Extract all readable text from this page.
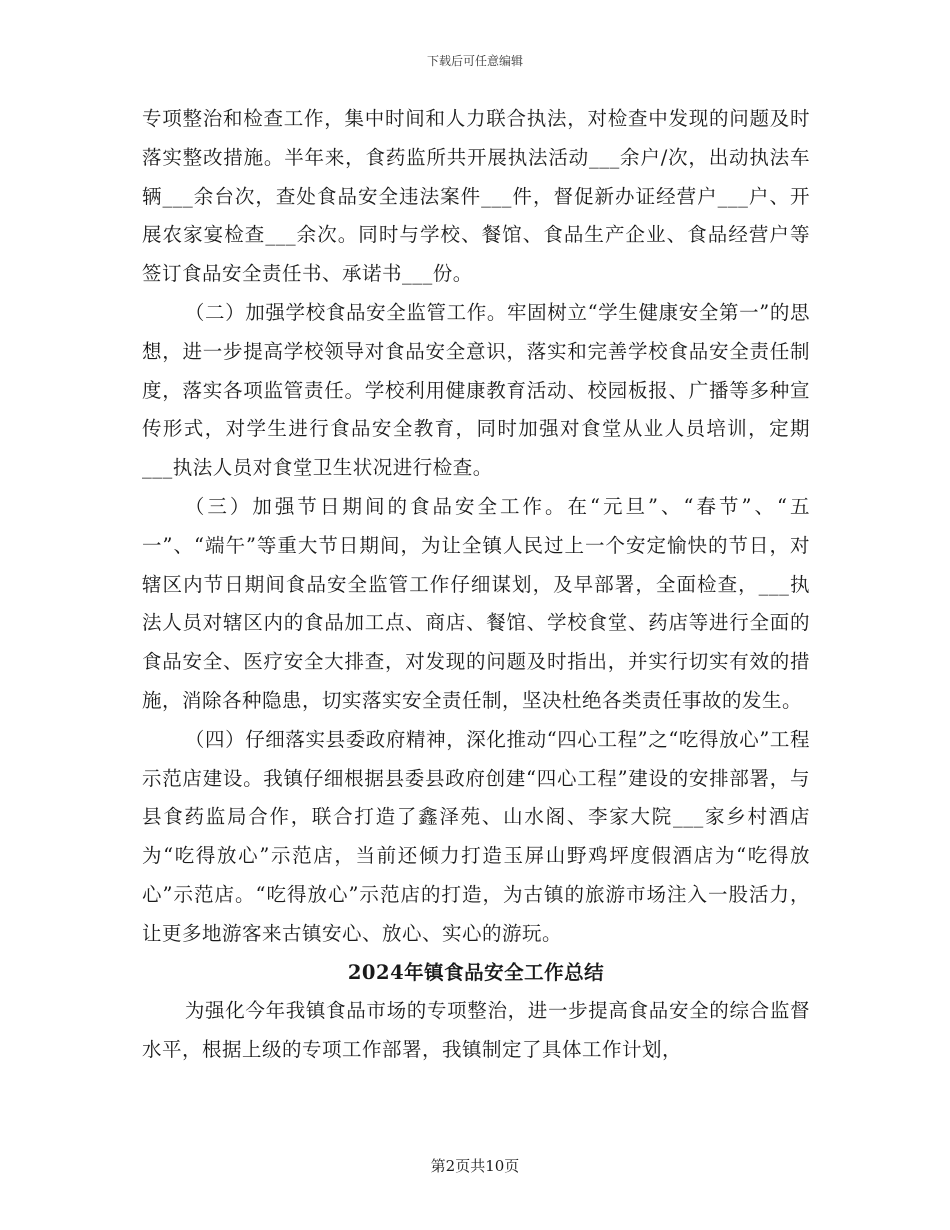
下载后可任意编辑

专项整治和检查工作，集中时间和人力联合执法，对检查中发现的问题及时落实整改措施。半年来，食药监所共开展执法活动___余户/次，出动执法车辆___余台次，查处食品安全违法案件___件，督促新办证经营户___户、开展农家宴检查___余次。同时与学校、餐馆、食品生产企业、食品经营户等签订食品安全责任书、承诺书___份。

（二）加强学校食品安全监管工作。牢固树立“学生健康安全第一”的思想，进一步提高学校领导对食品安全意识，落实和完善学校食品安全责任制度，落实各项监管责任。学校利用健康教育活动、校园板报、广播等多种宣传形式，对学生进行食品安全教育，同时加强对食堂从业人员培训，定期___执法人员对食堂卫生状况进行检查。

（三）加强节日期间的食品安全工作。在“元旦”、“春节”、“五一”、“端午”等重大节日期间，为让全镇人民过上一个安定愉快的节日，对辖区内节日期间食品安全监管工作仔细谋划，及早部署，全面检查，___执法人员对辖区内的食品加工点、商店、餐馆、学校食堂、药店等进行全面的食品安全、医疗安全大排查，对发现的问题及时指出，并实行切实有效的措施，消除各种隐患，切实落实安全责任制，坚决杜绝各类责任事故的发生。

（四）仔细落实县委政府精神，深化推动“四心工程”之“吃得放心”工程示范店建设。我镇仔细根据县委县政府创建“四心工程”建设的安排部署，与县食药监局合作，联合打造了鑫泽苑、山水阁、李家大院___家乡村酒店为“吃得放心”示范店，当前还倾力打造玉屏山野鸡坪度假酒店为“吃得放心”示范店。“吃得放心”示范店的打造，为古镇的旅游市场注入一股活力，让更多地游客来古镇安心、放心、实心的游玩。

2024年镇食品安全工作总结

为强化今年我镇食品市场的专项整治，进一步提高食品安全的综合监督水平，根据上级的专项工作部署，我镇制定了具体工作计划，

第2页共10页
